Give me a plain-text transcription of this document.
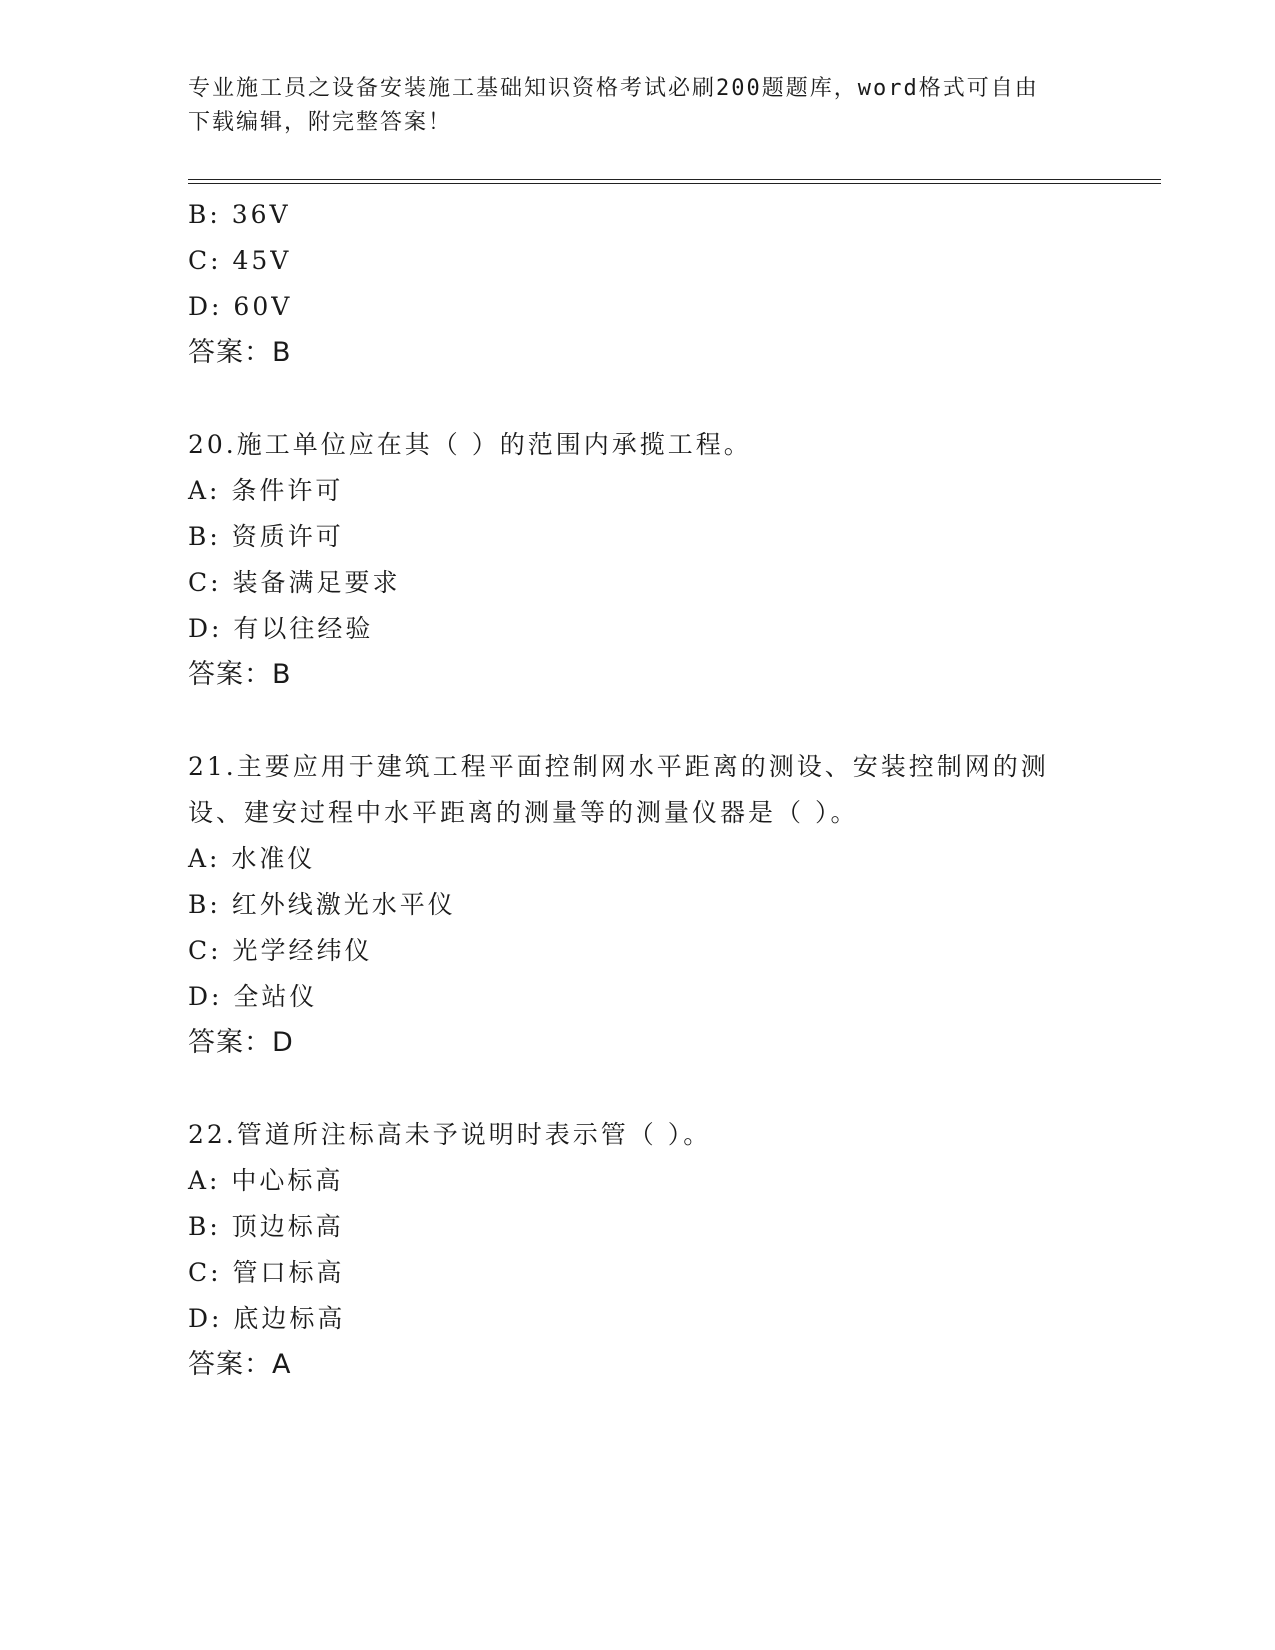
专业施工员之设备安装施工基础知识资格考试必刷200题题库，word格式可自由
下载编辑，附完整答案！
B: 36V
C: 45V
D: 60V
答案：B
20.施工单位应在其（ ）的范围内承揽工程。
A: 条件许可
B: 资质许可
C: 装备满足要求
D: 有以往经验
答案：B
21.主要应用于建筑工程平面控制网水平距离的测设、安装控制网的测
设、建安过程中水平距离的测量等的测量仪器是（ ）。
A: 水准仪
B: 红外线激光水平仪
C: 光学经纬仪
D: 全站仪
答案：D
22.管道所注标高未予说明时表示管（ ）。
A: 中心标高
B: 顶边标高
C: 管口标高
D: 底边标高
答案：A
